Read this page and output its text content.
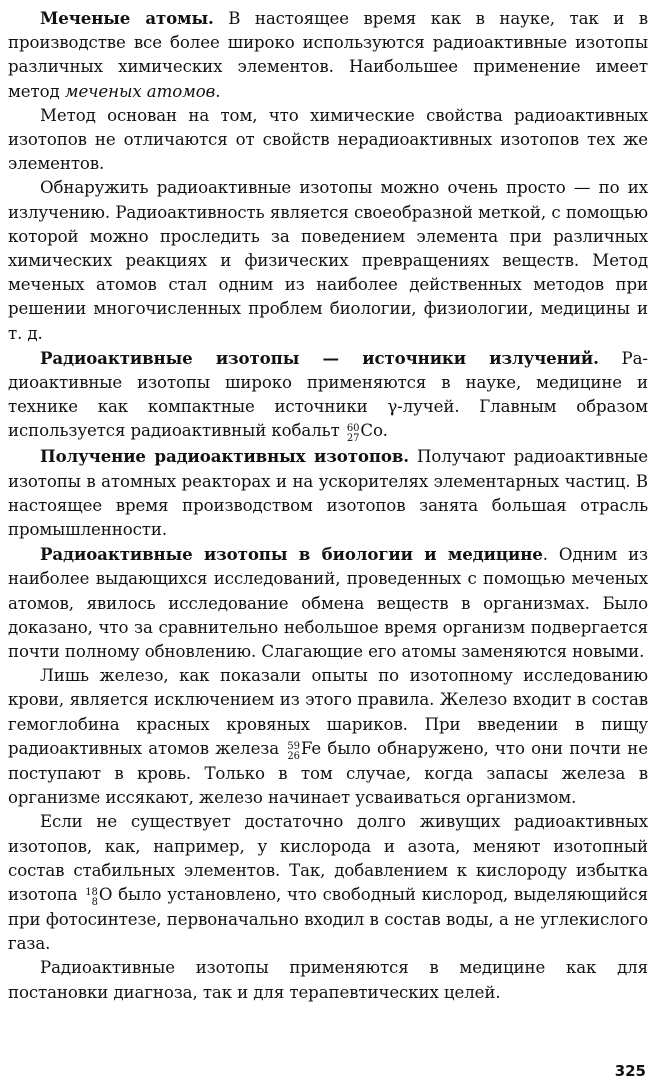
Меченые атомы. В настоящее время как в науке, так и в производстве все более широко используются радиоактивные изотопы различных химических элементов. Наибольшее применение имеет метод меченых атомов.

Метод основан на том, что химические свойства радиоактивных изотопов не отличаются от свойств нерадиоактивных изотопов тех же элементов.

Обнаружить радиоактивные изотопы можно очень просто — по их излучению. Радиоактивность является своеобразной меткой, с помощью которой можно проследить за поведением элемента при различных химических реакциях и физических превращениях веществ. Метод меченых атомов стал одним из наиболее действенных методов при решении многочисленных проблем биологии, физиологии, медицины и т. д.

Радиоактивные изотопы — источники излучений. Радиоактивные изотопы широко применяются в науке, медицине и технике как компактные источники γ-лучей. Главным образом используется радиоактивный кобальт 60
27 Co.

Получение радиоактивных изотопов. Получают радиоактивные изотопы в атомных реакторах и на ускорителях элементарных частиц. В настоящее время производством изотопов занята большая отрасль промышленности.

Радиоактивные изотопы в биологии и медицине. Одним из наиболее выдающихся исследований, проведенных с помощью меченых атомов, явилось исследование обмена веществ в организмах. Было доказано, что за сравнительно небольшое время организм подвергается почти полному обновлению. Слагающие его атомы заменяются новыми.

Лишь железо, как показали опыты по изотопному исследованию крови, является исключением из этого правила. Железо входит в состав гемоглобина красных кровяных шариков. При введении в пищу радиоактивных атомов железа 59
26 Fe было обнаружено, что они почти не поступают в кровь. Только в том случае, когда запасы железа в организме иссякают, железо начинает усваиваться организмом.

Если не существует достаточно долго живущих радиоактивных изотопов, как, например, у кислорода и азота, меняют изотопный состав стабильных элементов. Так, добавлением к кислороду избытка изотопа 18
8 O было установлено, что свободный кислород, выделяющийся при фотосинтезе, первоначально входил в состав воды, а не углекислого газа.

Радиоактивные изотопы применяются в медицине как для постановки диагноза, так и для терапевтических целей.

325
